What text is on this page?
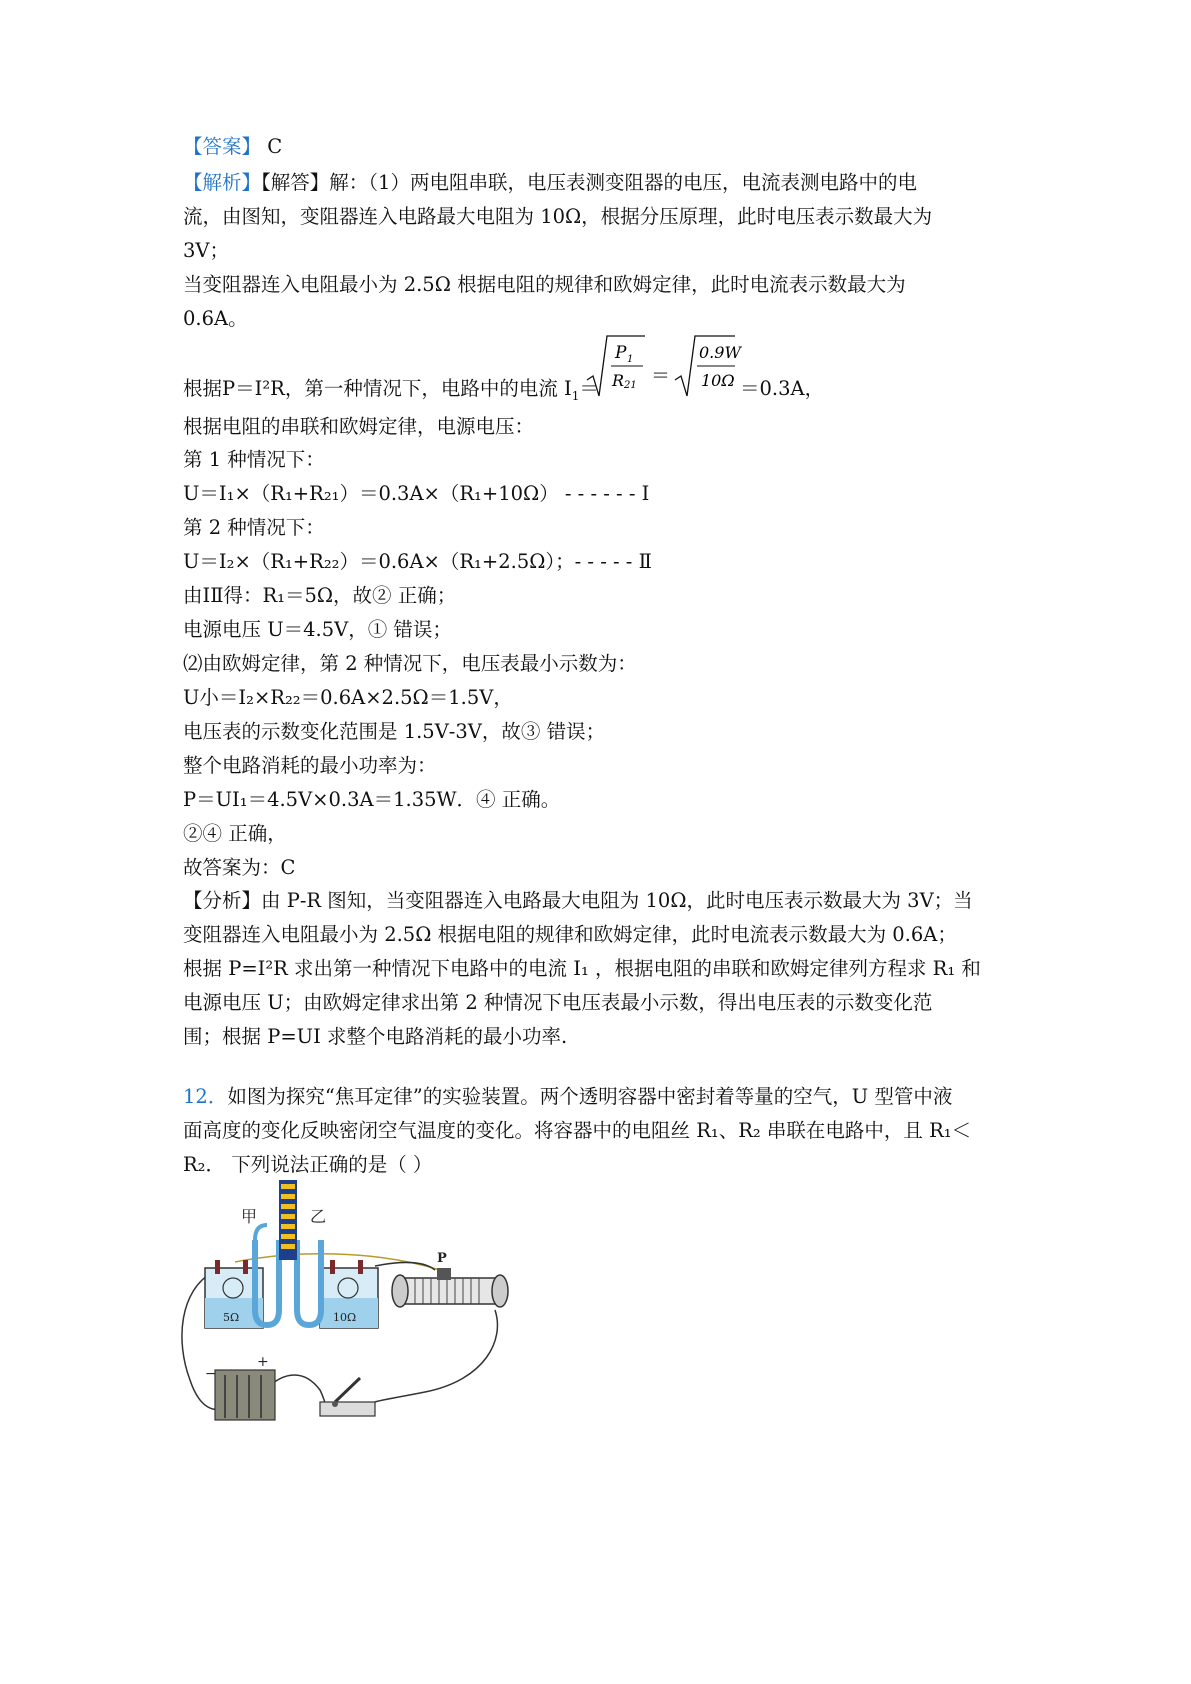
【答案】 C
【解析】【解答】解：（1）两电阻串联，电压表测变阻器的电压，电流表测电路中的电
流，由图知，变阻器连入电路最大电阻为 10Ω，根据分压原理，此时电压表示数最大为
3V；
当变阻器连入电阻最小为 2.5Ω 根据电阻的规律和欧姆定律，此时电流表示数最大为
0.6A。
根据P＝I²R，第一种情况下，电路中的电流 $I_1=$
P 1
R 21 ＝
0.9W
10Ω ＝0.3A，
根据电阻的串联和欧姆定律，电源电压：
第 1 种情况下：
U＝I₁×（R₁+R₂₁）＝0.3A×（R₁+10Ω） - - - - - - Ⅰ
第 2 种情况下：
U＝I₂×（R₁+R₂₂）＝0.6A×（R₁+2.5Ω）；- - - - - Ⅱ
由ⅠⅡ得：R₁＝5Ω，故② 正确；
电源电压 U＝4.5V，① 错误；
⑵由欧姆定律，第 2 种情况下，电压表最小示数为：
U小＝I₂×R₂₂＝0.6A×2.5Ω＝1.5V，
电压表的示数变化范围是 1.5V‑3V，故③ 错误；
整个电路消耗的最小功率为：
P＝UI₁＝4.5V×0.3A＝1.35W．④ 正确。
②④ 正确，
故答案为：C
【分析】由 P‑R 图知，当变阻器连入电路最大电阻为 10Ω，此时电压表示数最大为 3V；当
变阻器连入电阻最小为 2.5Ω 根据电阻的规律和欧姆定律，此时电流表示数最大为 0.6A；
根据 P=I²R 求出第一种情况下电路中的电流 I₁ ，根据电阻的串联和欧姆定律列方程求 R₁ 和
电源电压 U；由欧姆定律求出第 2 种情况下电压表最小示数，得出电压表的示数变化范
围；根据 P=UI 求整个电路消耗的最小功率.
12．如图为探究“焦耳定律”的实验装置。两个透明容器中密封着等量的空气，U 型管中液
面高度的变化反映密闭空气温度的变化。将容器中的电阻丝 R₁、R₂ 串联在电路中，且 R₁＜
R₂． 下列说法正确的是（ ）
5Ω	10Ω
甲	乙
P
−
+
